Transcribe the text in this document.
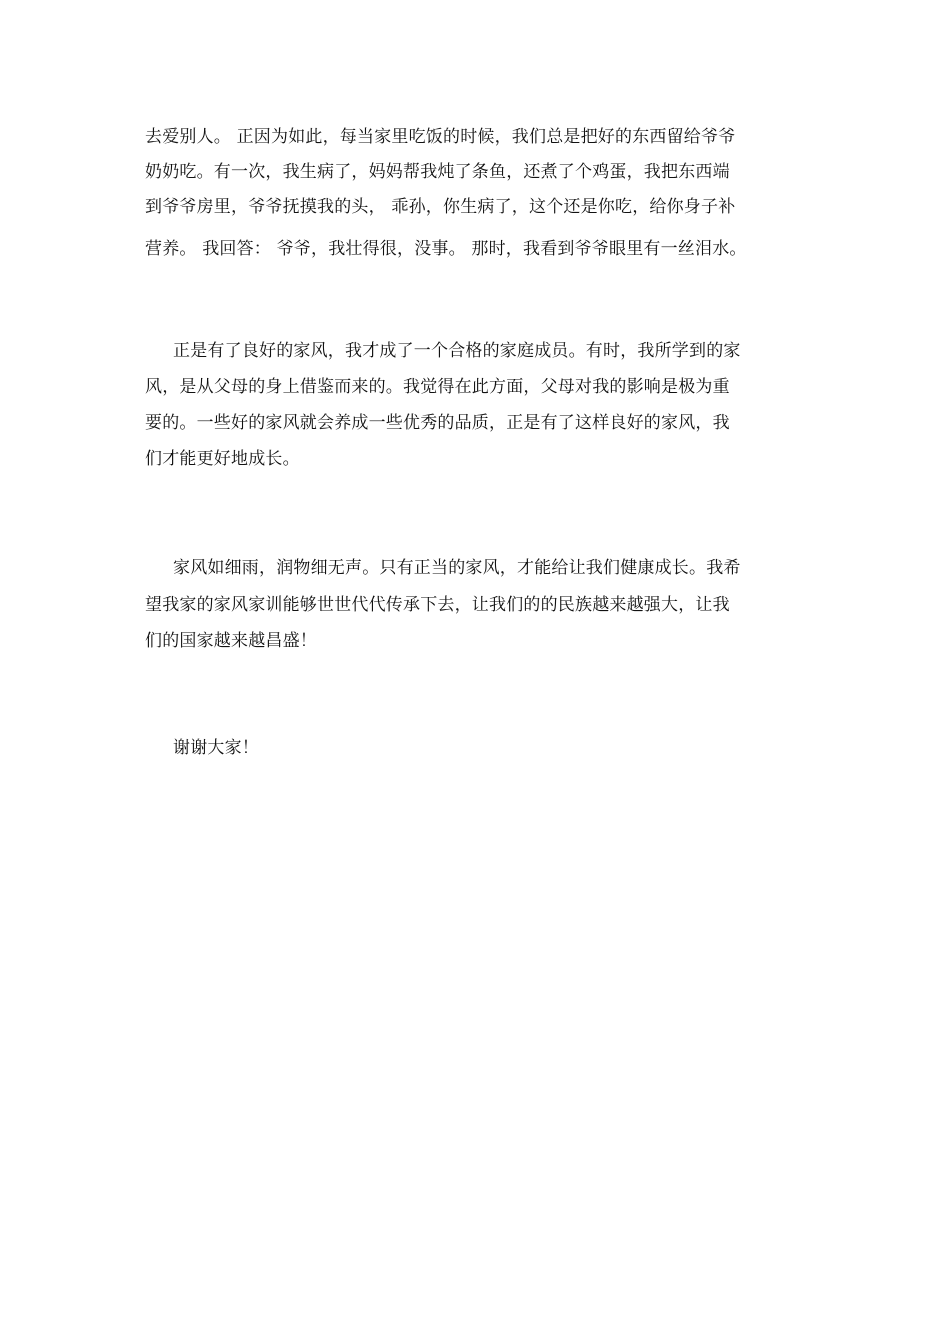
去爱别人。 正因为如此，每当家里吃饭的时候，我们总是把好的东西留给爷爷
奶奶吃。有一次，我生病了，妈妈帮我炖了条鱼，还煮了个鸡蛋，我把东西端
到爷爷房里，爷爷抚摸我的头， 乖孙，你生病了，这个还是你吃，给你身子补
营养。 我回答： 爷爷，我壮得很，没事。 那时，我看到爷爷眼里有一丝泪水。
正是有了良好的家风，我才成了一个合格的家庭成员。有时，我所学到的家
风，是从父母的身上借鉴而来的。我觉得在此方面，父母对我的影响是极为重
要的。一些好的家风就会养成一些优秀的品质，正是有了这样良好的家风，我
们才能更好地成长。
家风如细雨，润物细无声。只有正当的家风，才能给让我们健康成长。我希
望我家的家风家训能够世世代代传承下去，让我们的的民族越来越强大，让我
们的国家越来越昌盛！
谢谢大家！
